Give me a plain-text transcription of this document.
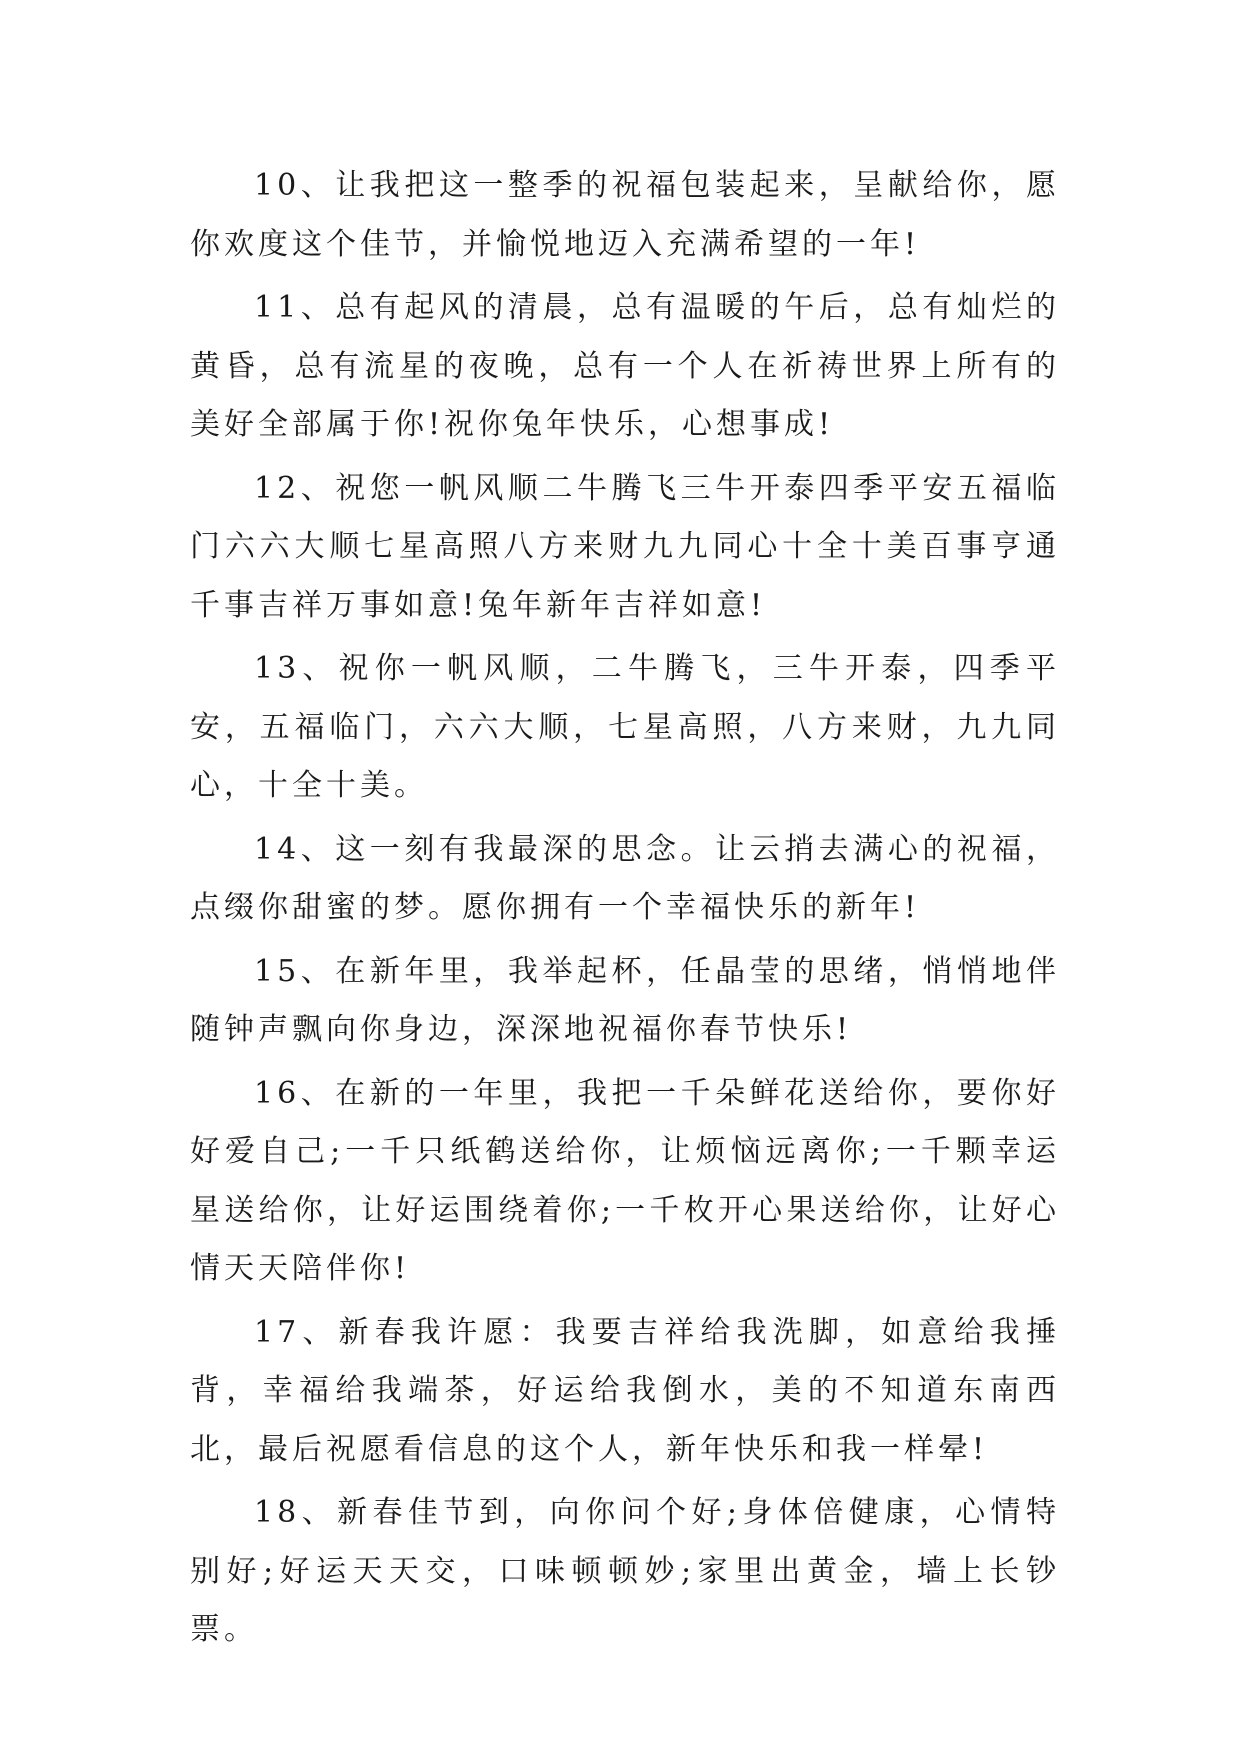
10、让我把这一整季的祝福包装起来，呈献给你，愿你欢度这个佳节，并愉悦地迈入充满希望的一年!

11、总有起风的清晨，总有温暖的午后，总有灿烂的黄昏，总有流星的夜晚，总有一个人在祈祷世界上所有的美好全部属于你!祝你兔年快乐，心想事成!

12、祝您一帆风顺二牛腾飞三牛开泰四季平安五福临门六六大顺七星高照八方来财九九同心十全十美百事亨通千事吉祥万事如意!兔年新年吉祥如意!

13、祝你一帆风顺，二牛腾飞，三牛开泰，四季平安，五福临门，六六大顺，七星高照，八方来财，九九同心，十全十美。

14、这一刻有我最深的思念。让云捎去满心的祝福，点缀你甜蜜的梦。愿你拥有一个幸福快乐的新年!

15、在新年里，我举起杯，任晶莹的思绪，悄悄地伴随钟声飘向你身边，深深地祝福你春节快乐!

16、在新的一年里，我把一千朵鲜花送给你，要你好好爱自己;一千只纸鹤送给你，让烦恼远离你;一千颗幸运星送给你，让好运围绕着你;一千枚开心果送给你，让好心情天天陪伴你!

17、新春我许愿：我要吉祥给我洗脚，如意给我捶背，幸福给我端茶，好运给我倒水，美的不知道东南西北，最后祝愿看信息的这个人，新年快乐和我一样晕!

18、新春佳节到，向你问个好;身体倍健康，心情特别好;好运天天交，口味顿顿妙;家里出黄金，墙上长钞票。
